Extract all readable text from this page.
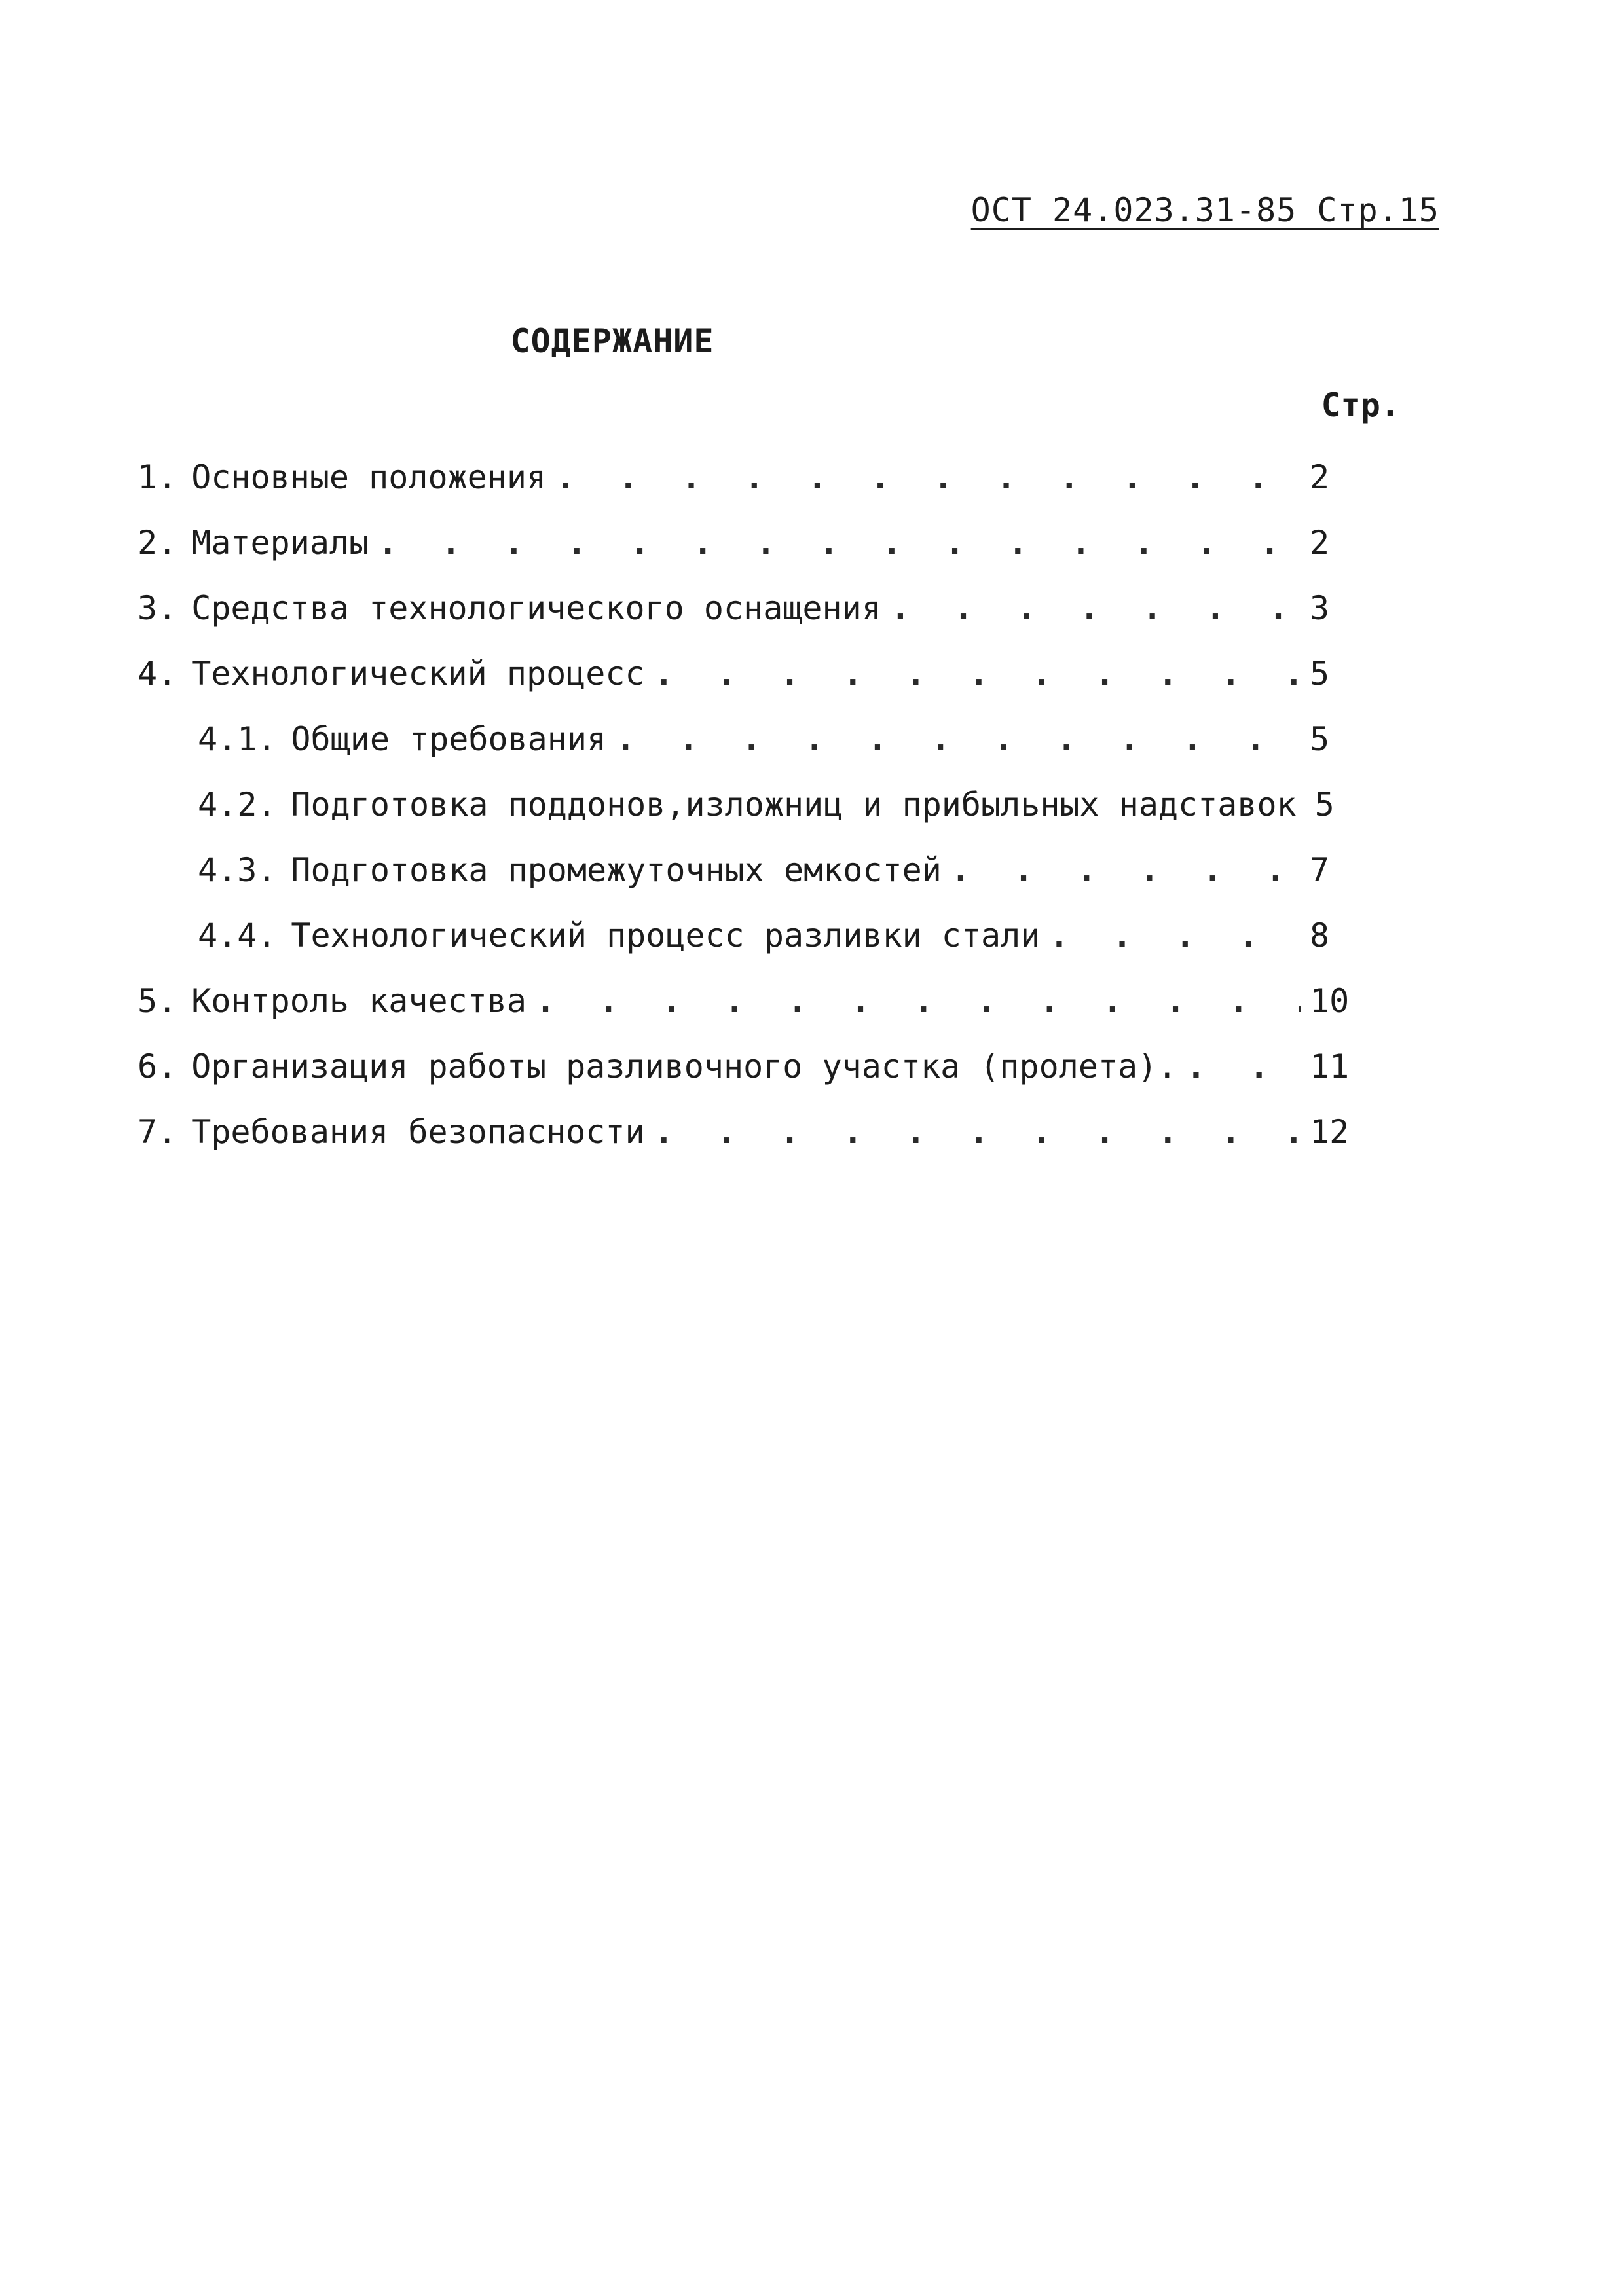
ОСТ 24.023.31-85 Стр.15
СОДЕРЖАНИЕ
Стр.
1. Основные положения . . .	2
2. Материалы . . .	2
3. Средства технологического оснащения . . .	3
4. Технологический процесс . . .	5
4.1. Общие требования . . .	5
4.2. Подготовка поддонов,изложниц и прибыльных надставок 5
4.3. Подготовка промежуточных емкостей . . .	7
4.4. Технологический процесс разливки стали . . .	8
5. Контроль качества . . .	10
6. Организация работы разливочного участка (пролета). . . .	11
7. Требования безопасности . . .	12
